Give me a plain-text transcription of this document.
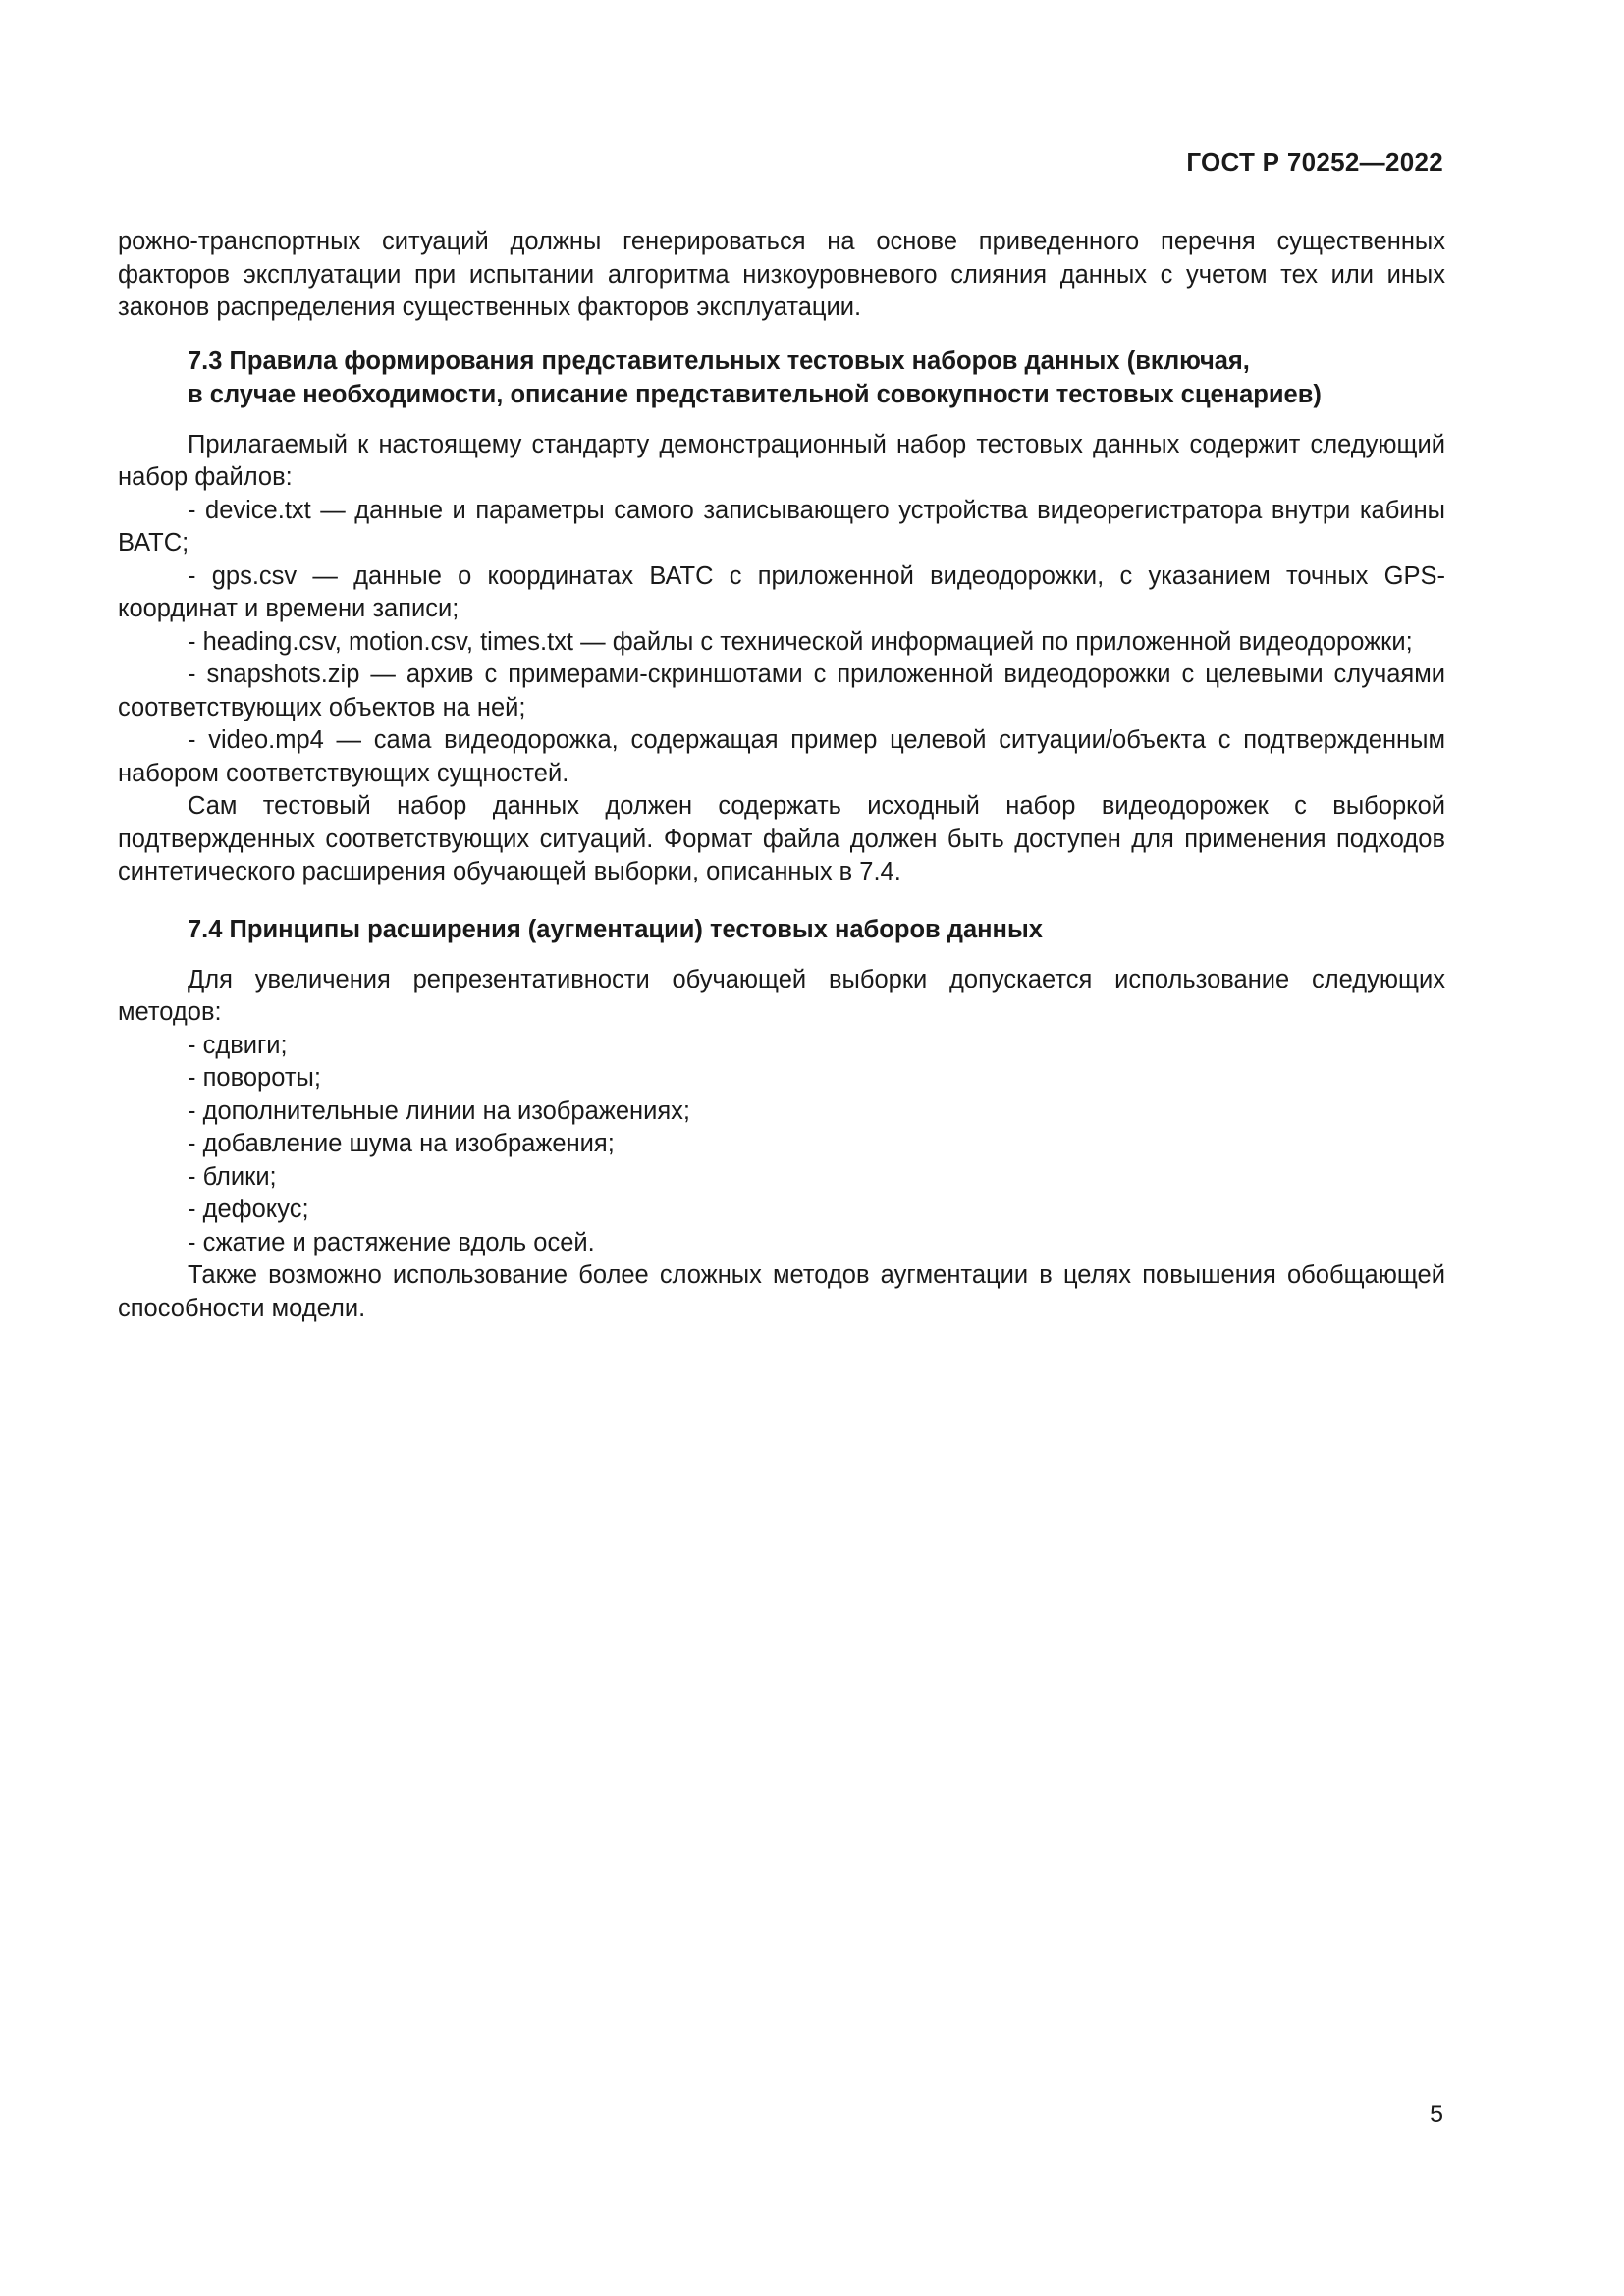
ГОСТ Р 70252—2022

рожно-транспортных ситуаций должны генерироваться на основе приведенного перечня существенных факторов эксплуатации при испытании алгоритма низкоуровневого слияния данных с учетом тех или иных законов распределения существенных факторов эксплуатации.

7.3 Правила формирования представительных тестовых наборов данных (включая,
в случае необходимости, описание представительной совокупности тестовых сценариев)

Прилагаемый к настоящему стандарту демонстрационный набор тестовых данных содержит следующий набор файлов:

- device.txt — данные и параметры самого записывающего устройства видеорегистратора внутри кабины ВАТС;

- gps.csv — данные о координатах ВАТС с приложенной видеодорожки, с указанием точных GPS-координат и времени записи;

- heading.csv, motion.csv, times.txt — файлы с технической информацией по приложенной видеодорожки;

- snapshots.zip — архив с примерами-скриншотами с приложенной видеодорожки с целевыми случаями соответствующих объектов на ней;

- video.mp4 — сама видеодорожка, содержащая пример целевой ситуации/объекта с подтвержденным набором соответствующих сущностей.

Сам тестовый набор данных должен содержать исходный набор видеодорожек с выборкой подтвержденных соответствующих ситуаций. Формат файла должен быть доступен для применения подходов синтетического расширения обучающей выборки, описанных в 7.4.

7.4 Принципы расширения (аугментации) тестовых наборов данных

Для увеличения репрезентативности обучающей выборки допускается использование следующих методов:

- сдвиги;

- повороты;

- дополнительные линии на изображениях;

- добавление шума на изображения;

- блики;

- дефокус;

- сжатие и растяжение вдоль осей.

Также возможно использование более сложных методов аугментации в целях повышения обобщающей способности модели.

5
